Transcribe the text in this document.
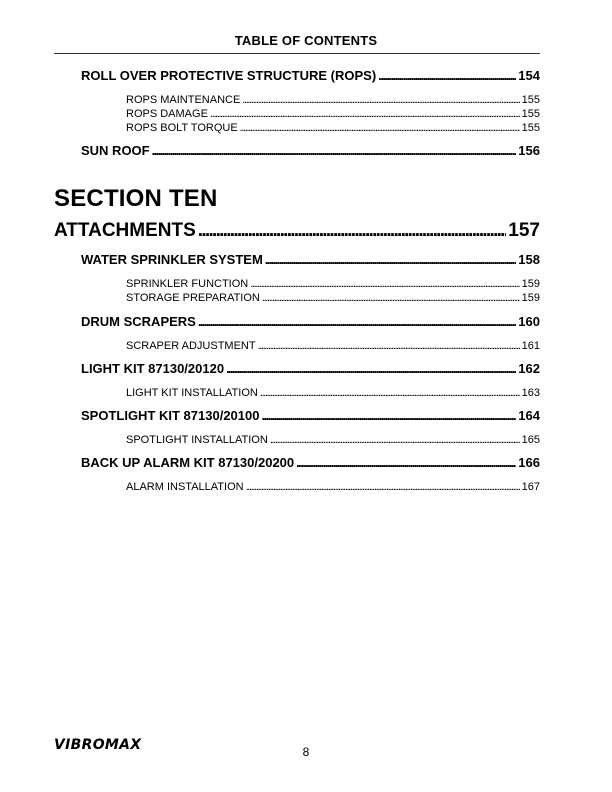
TABLE OF CONTENTS
ROLL OVER PROTECTIVE STRUCTURE (ROPS) . . .	154
ROPS MAINTENANCE . . .	155
ROPS DAMAGE . . .	155
ROPS BOLT TORQUE . . .	155
SUN ROOF . . .	156
SECTION TEN
ATTACHMENTS . . .	157
WATER SPRINKLER SYSTEM . . .	158
SPRINKLER FUNCTION . . .	159
STORAGE PREPARATION . . .	159
DRUM SCRAPERS . . .	160
SCRAPER ADJUSTMENT . . .	161
LIGHT KIT 87130/20120 . . .	162
LIGHT KIT INSTALLATION . . .	163
SPOTLIGHT KIT 87130/20100 . . .	164
SPOTLIGHT INSTALLATION . . .	165
BACK UP ALARM KIT 87130/20200 . . .	166
ALARM INSTALLATION . . .	167
VIBROMAX	8
